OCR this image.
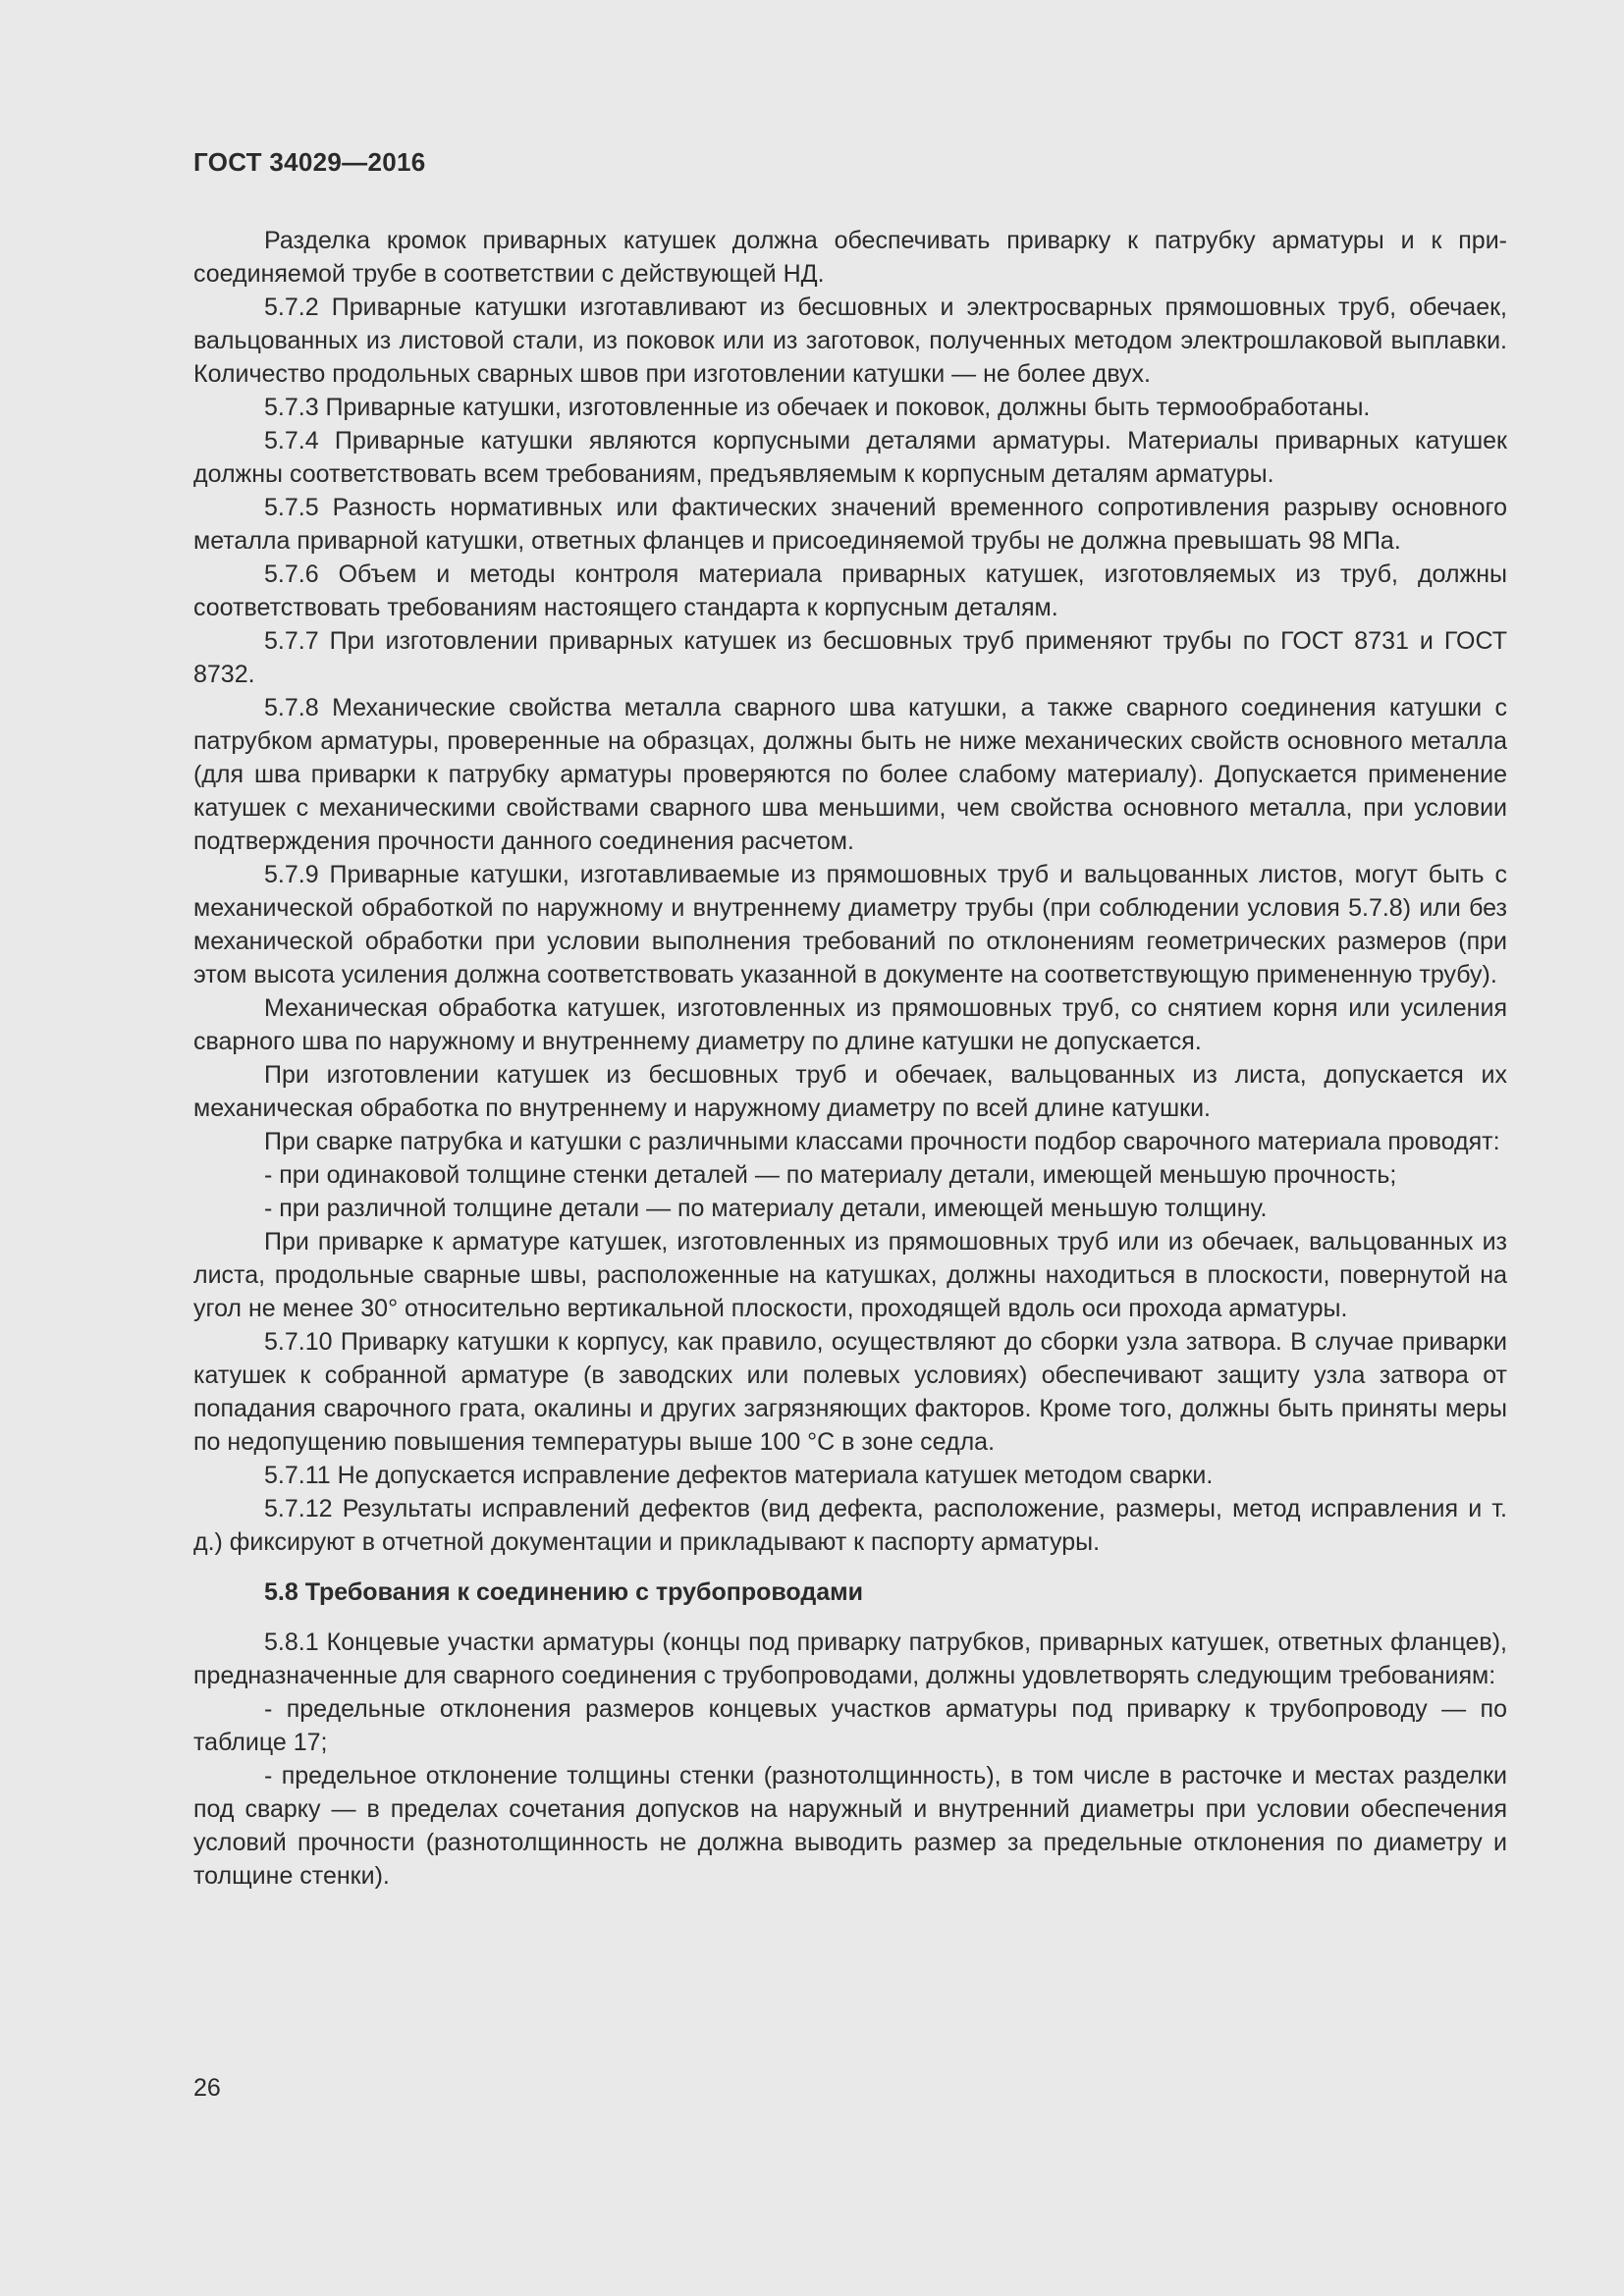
ГОСТ 34029—2016

Разделка кромок приварных катушек должна обеспечивать приварку к патрубку арматуры и к присоединяемой трубе в соответствии с действующей НД.

5.7.2 Приварные катушки изготавливают из бесшовных и электросварных прямошовных труб, обечаек, вальцованных из листовой стали, из поковок или из заготовок, полученных методом электрошлаковой выплавки. Количество продольных сварных швов при изготовлении катушки — не более двух.

5.7.3 Приварные катушки, изготовленные из обечаек и поковок, должны быть термообработаны.

5.7.4 Приварные катушки являются корпусными деталями арматуры. Материалы приварных катушек должны соответствовать всем требованиям, предъявляемым к корпусным деталям арматуры.

5.7.5 Разность нормативных или фактических значений временного сопротивления разрыву основного металла приварной катушки, ответных фланцев и присоединяемой трубы не должна превышать 98 МПа.

5.7.6 Объем и методы контроля материала приварных катушек, изготовляемых из труб, должны соответствовать требованиям настоящего стандарта к корпусным деталям.

5.7.7 При изготовлении приварных катушек из бесшовных труб применяют трубы по ГОСТ 8731 и ГОСТ 8732.

5.7.8 Механические свойства металла сварного шва катушки, а также сварного соединения катушки с патрубком арматуры, проверенные на образцах, должны быть не ниже механических свойств основного металла (для шва приварки к патрубку арматуры проверяются по более слабому материалу). Допускается применение катушек с механическими свойствами сварного шва меньшими, чем свойства основного металла, при условии подтверждения прочности данного соединения расчетом.

5.7.9 Приварные катушки, изготавливаемые из прямошовных труб и вальцованных листов, могут быть с механической обработкой по наружному и внутреннему диаметру трубы (при соблюдении условия 5.7.8) или без механической обработки при условии выполнения требований по отклонениям геометрических размеров (при этом высота усиления должна соответствовать указанной в документе на соответствующую примененную трубу).

Механическая обработка катушек, изготовленных из прямошовных труб, со снятием корня или усиления сварного шва по наружному и внутреннему диаметру по длине катушки не допускается.

При изготовлении катушек из бесшовных труб и обечаек, вальцованных из листа, допускается их механическая обработка по внутреннему и наружному диаметру по всей длине катушки.

При сварке патрубка и катушки с различными классами прочности подбор сварочного материала проводят:

- при одинаковой толщине стенки деталей — по материалу детали, имеющей меньшую прочность;

- при различной толщине детали — по материалу детали, имеющей меньшую толщину.

При приварке к арматуре катушек, изготовленных из прямошовных труб или из обечаек, вальцованных из листа, продольные сварные швы, расположенные на катушках, должны находиться в плоскости, повернутой на угол не менее 30° относительно вертикальной плоскости, проходящей вдоль оси прохода арматуры.

5.7.10 Приварку катушки к корпусу, как правило, осуществляют до сборки узла затвора. В случае приварки катушек к собранной арматуре (в заводских или полевых условиях) обеспечивают защиту узла затвора от попадания сварочного грата, окалины и других загрязняющих факторов. Кроме того, должны быть приняты меры по недопущению повышения температуры выше 100 °С в зоне седла.

5.7.11 Не допускается исправление дефектов материала катушек методом сварки.

5.7.12 Результаты исправлений дефектов (вид дефекта, расположение, размеры, метод исправления и т. д.) фиксируют в отчетной документации и прикладывают к паспорту арматуры.

5.8 Требования к соединению с трубопроводами

5.8.1 Концевые участки арматуры (концы под приварку патрубков, приварных катушек, ответных фланцев), предназначенные для сварного соединения с трубопроводами, должны удовлетворять следующим требованиям:

- предельные отклонения размеров концевых участков арматуры под приварку к трубопроводу — по таблице 17;

- предельное отклонение толщины стенки (разнотолщинность), в том числе в расточке и местах разделки под сварку — в пределах сочетания допусков на наружный и внутренний диаметры при условии обеспечения условий прочности (разнотолщинность не должна выводить размер за предельные отклонения по диаметру и толщине стенки).

26
